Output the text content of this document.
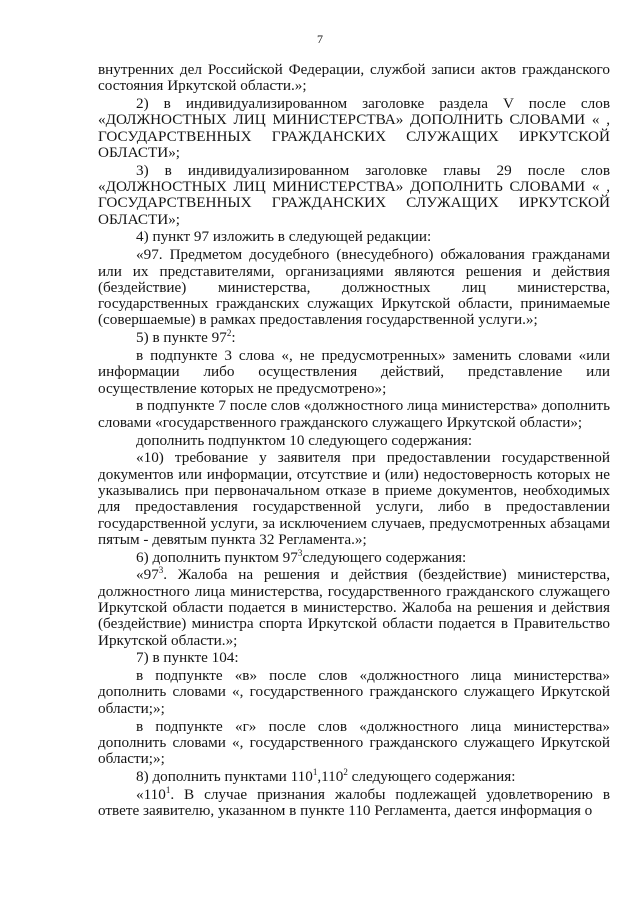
7
внутренних дел Российской Федерации, службой записи актов гражданского состояния Иркутской области.»;
2) в индивидуализированном заголовке раздела V после слов «ДОЛЖНОСТНЫХ ЛИЦ МИНИСТЕРСТВА» ДОПОЛНИТЬ СЛОВАМИ « , ГОСУДАРСТВЕННЫХ ГРАЖДАНСКИХ СЛУЖАЩИХ ИРКУТСКОЙ ОБЛАСТИ»;
3) в индивидуализированном заголовке главы 29 после слов «ДОЛЖНОСТНЫХ ЛИЦ МИНИСТЕРСТВА» ДОПОЛНИТЬ СЛОВАМИ « , ГОСУДАРСТВЕННЫХ ГРАЖДАНСКИХ СЛУЖАЩИХ ИРКУТСКОЙ ОБЛАСТИ»;
4) пункт 97 изложить в следующей редакции:
«97. Предметом досудебного (внесудебного) обжалования гражданами или их представителями, организациями являются решения и действия (бездействие) министерства, должностных лиц министерства, государственных гражданских служащих Иркутской области, принимаемые (совершаемые) в рамках предоставления государственной услуги.»;
5) в пункте $97^2$:
в подпункте 3 слова «, не предусмотренных» заменить словами «или информации либо осуществления действий, представление или осуществление которых не предусмотрено»;
в подпункте 7 после слов «должностного лица министерства» дополнить словами «государственного гражданского служащего Иркутской области»;
дополнить подпунктом 10 следующего содержания:
«10) требование у заявителя при предоставлении государственной документов или информации, отсутствие и (или) недостоверность которых не указывались при первоначальном отказе в приеме документов, необходимых для предоставления государственной услуги, либо в предоставлении государственной услуги, за исключением случаев, предусмотренных абзацами пятым - девятым пункта 32 Регламента.»;
6) дополнить пунктом $97^3следующего$ содержания:
«$97^3$. Жалоба на решения и действия (бездействие) министерства, должностного лица министерства, государственного гражданского служащего Иркутской области подается в министерство. Жалоба на решения и действия (бездействие) министра спорта Иркутской области подается в Правительство Иркутской области.»;
7) в пункте 104:
в подпункте «в» после слов «должностного лица министерства» дополнить словами «, государственного гражданского служащего Иркутской области;»;
в подпункте «г» после слов «должностного лица министерства» дополнить словами «, государственного гражданского служащего Иркутской области;»;
8) дополнить пунктами $110^1,110^2$ следующего содержания:
«$110^1$. В случае признания жалобы подлежащей удовлетворению в ответе заявителю, указанном в пункте 110 Регламента, дается информация о
